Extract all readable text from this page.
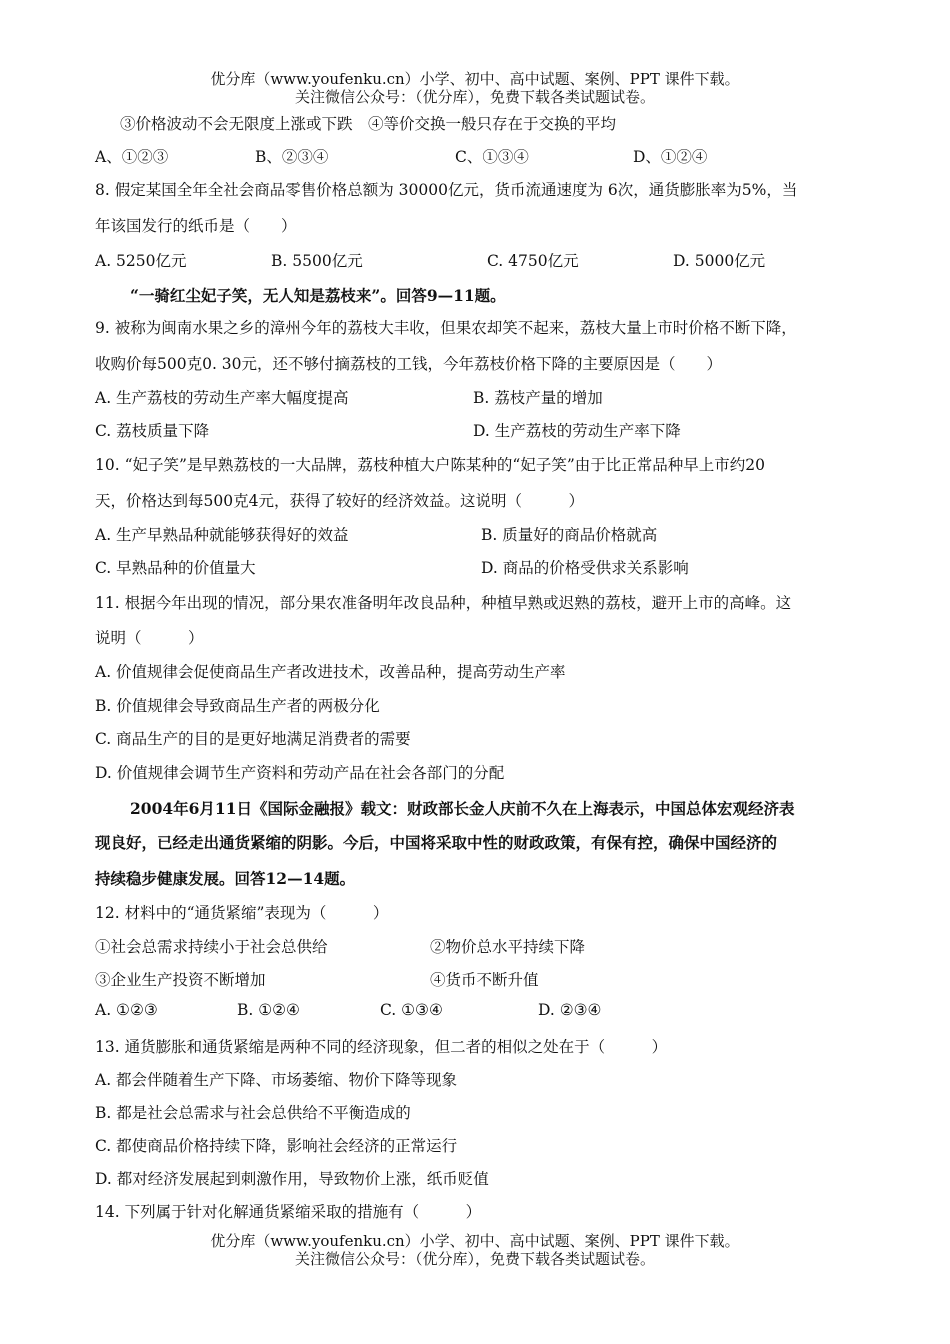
优分库（www.youfenku.cn）小学、初中、高中试题、案例、PPT 课件下载。
关注微信公众号：（优分库），免费下载各类试题试卷。
③价格波动不会无限度上涨或下跌　④等价交换一般只存在于交换的平均
A、①②③	B、②③④	C、①③④	D、①②④
8. 假定某国全年全社会商品零售价格总额为 30000亿元，货币流通速度为 6次，通货膨胀率为5%，当
年该国发行的纸币是（　　）
A. 5250亿元	B. 5500亿元	C. 4750亿元	D. 5000亿元
“一骑红尘妃子笑，无人知是荔枝来”。回答9—11题。
9. 被称为闽南水果之乡的漳州今年的荔枝大丰收，但果农却笑不起来，荔枝大量上市时价格不断下降，
收购价每500克0. 30元，还不够付摘荔枝的工钱，今年荔枝价格下降的主要原因是（　　）
A. 生产荔枝的劳动生产率大幅度提高	B. 荔枝产量的增加
C. 荔枝质量下降	D. 生产荔枝的劳动生产率下降
10. “妃子笑”是早熟荔枝的一大品牌，荔枝种植大户陈某种的“妃子笑”由于比正常品种早上市约20
天，价格达到每500克4元，获得了较好的经济效益。这说明（　　　）
A. 生产早熟品种就能够获得好的效益	B. 质量好的商品价格就高
C. 早熟品种的价值量大	D. 商品的价格受供求关系影响
11. 根据今年出现的情况，部分果农准备明年改良品种，种植早熟或迟熟的荔枝，避开上市的高峰。这
说明（　　　）
A. 价值规律会促使商品生产者改进技术，改善品种，提高劳动生产率
B. 价值规律会导致商品生产者的两极分化
C. 商品生产的目的是更好地满足消费者的需要
D. 价值规律会调节生产资料和劳动产品在社会各部门的分配
2004年6月11日《国际金融报》载文：财政部长金人庆前不久在上海表示，中国总体宏观经济表
现良好，已经走出通货紧缩的阴影。今后，中国将采取中性的财政政策，有保有控，确保中国经济的
持续稳步健康发展。回答12—14题。
12. 材料中的“通货紧缩”表现为（　　　）
①社会总需求持续小于社会总供给	②物价总水平持续下降
③企业生产投资不断增加	④货币不断升值
A. ①②③	B. ①②④	C. ①③④	D. ②③④
13. 通货膨胀和通货紧缩是两种不同的经济现象，但二者的相似之处在于（　　　）
A. 都会伴随着生产下降、市场萎缩、物价下降等现象
B. 都是社会总需求与社会总供给不平衡造成的
C. 都使商品价格持续下降，影响社会经济的正常运行
D. 都对经济发展起到刺激作用，导致物价上涨，纸币贬值
14. 下列属于针对化解通货紧缩采取的措施有（　　　）
优分库（www.youfenku.cn）小学、初中、高中试题、案例、PPT 课件下载。
关注微信公众号：（优分库），免费下载各类试题试卷。
